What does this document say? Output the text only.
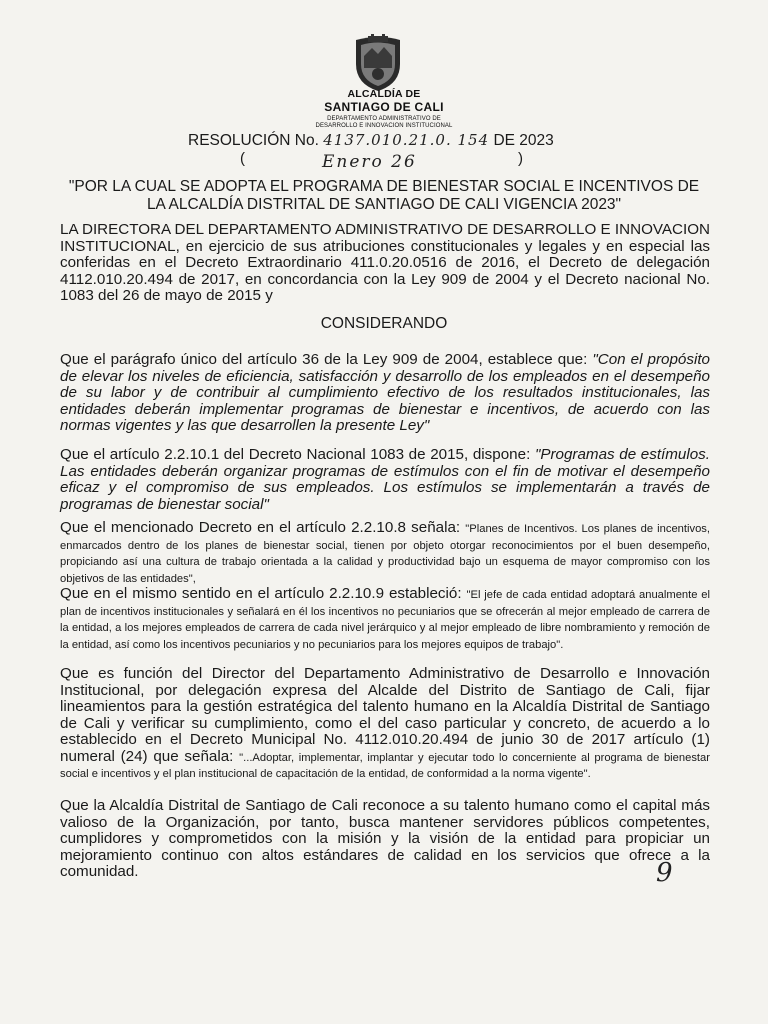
ALCALDÍA DE
SANTIAGO DE CALI
DEPARTAMENTO ADMINISTRATIVO DE
DESARROLLO E INNOVACION INSTITUCIONAL
RESOLUCIÓN No. 4137.010.21.0. 154 DE 2023
(	Enero 26	)
"POR LA CUAL SE ADOPTA EL PROGRAMA DE BIENESTAR SOCIAL E INCENTIVOS DE LA ALCALDÍA DISTRITAL DE SANTIAGO DE CALI VIGENCIA 2023"
LA DIRECTORA DEL DEPARTAMENTO ADMINISTRATIVO DE DESARROLLO E INNOVACION INSTITUCIONAL, en ejercicio de sus atribuciones constitucionales y legales y en especial las conferidas en el Decreto Extraordinario 411.0.20.0516 de 2016, el Decreto de delegación 4112.010.20.494 de 2017, en concordancia con la Ley 909 de 2004 y el Decreto nacional No. 1083 del 26 de mayo de 2015 y
CONSIDERANDO
Que el parágrafo único del artículo 36 de la Ley 909 de 2004, establece que: "Con el propósito de elevar los niveles de eficiencia, satisfacción y desarrollo de los empleados en el desempeño de su labor y de contribuir al cumplimiento efectivo de los resultados institucionales, las entidades deberán implementar programas de bienestar e incentivos, de acuerdo con las normas vigentes y las que desarrollen la presente Ley"
Que el artículo 2.2.10.1 del Decreto Nacional 1083 de 2015, dispone: "Programas de estímulos. Las entidades deberán organizar programas de estímulos con el fin de motivar el desempeño eficaz y el compromiso de sus empleados. Los estímulos se implementarán a través de programas de bienestar social"
Que el mencionado Decreto en el artículo 2.2.10.8 señala: "Planes de Incentivos. Los planes de incentivos, enmarcados dentro de los planes de bienestar social, tienen por objeto otorgar reconocimientos por el buen desempeño, propiciando así una cultura de trabajo orientada a la calidad y productividad bajo un esquema de mayor compromiso con los objetivos de las entidades",
Que en el mismo sentido en el artículo 2.2.10.9 estableció: "El jefe de cada entidad adoptará anualmente el plan de incentivos institucionales y señalará en él los incentivos no pecuniarios que se ofrecerán al mejor empleado de carrera de la entidad, a los mejores empleados de carrera de cada nivel jerárquico y al mejor empleado de libre nombramiento y remoción de la entidad, así como los incentivos pecuniarios y no pecuniarios para los mejores equipos de trabajo".
Que es función del Director del Departamento Administrativo de Desarrollo e Innovación Institucional, por delegación expresa del Alcalde del Distrito de Santiago de Cali, fijar lineamientos para la gestión estratégica del talento humano en la Alcaldía Distrital de Santiago de Cali y verificar su cumplimiento, como el del caso particular y concreto, de acuerdo a lo establecido en el Decreto Municipal No. 4112.010.20.494 de junio 30 de 2017 artículo (1) numeral (24) que señala: "...Adoptar, implementar, implantar y ejecutar todo lo concerniente al programa de bienestar social e incentivos y el plan institucional de capacitación de la entidad, de conformidad a la norma vigente".
Que la Alcaldía Distrital de Santiago de Cali reconoce a su talento humano como el capital más valioso de la Organización, por tanto, busca mantener servidores públicos competentes, cumplidores y comprometidos con la misión y la visión de la entidad para propiciar un mejoramiento continuo con altos estándares de calidad en los servicios que ofrece a la comunidad.	9
